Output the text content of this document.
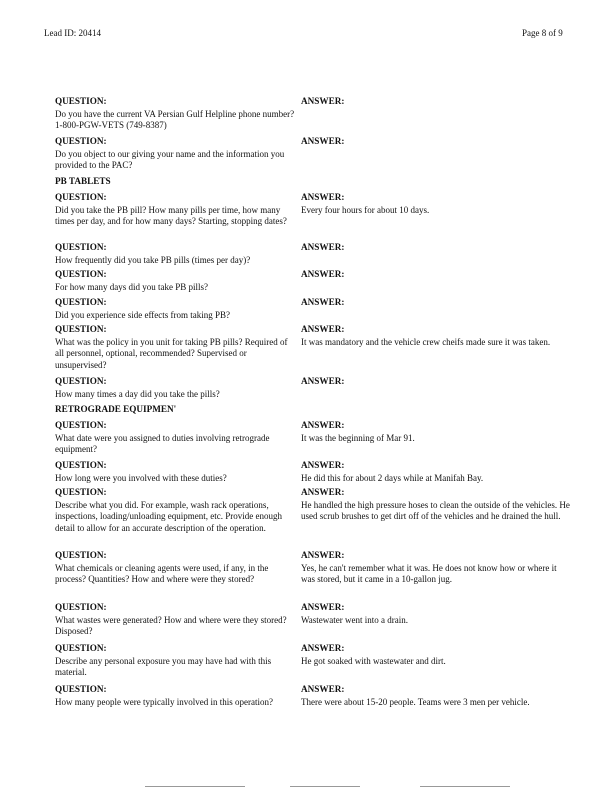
Lead ID: 20414	Page 8 of 9
QUESTION:
Do you have the current VA Persian Gulf Helpline phone number? 1-800-PGW-VETS (749-8387)
ANSWER:
QUESTION:
Do you object to our giving your name and the information you provided to the PAC?
ANSWER:
PB TABLETS
QUESTION:
Did you take the PB pill? How many pills per time, how many times per day, and for how many days? Starting, stopping dates?
ANSWER:
Every four hours for about 10 days.
QUESTION:
How frequently did you take PB pills (times per day)?
ANSWER:
QUESTION:
For how many days did you take PB pills?
ANSWER:
QUESTION:
Did you experience side effects from taking PB?
ANSWER:
QUESTION:
What was the policy in you unit for taking PB pills? Required of all personnel, optional, recommended? Supervised or unsupervised?
ANSWER:
It was mandatory and the vehicle crew cheifs made sure it was taken.
QUESTION:
How many times a day did you take the pills?
ANSWER:
RETROGRADE EQUIPMEN'
QUESTION:
What date were you assigned to duties involving retrograde equipment?
ANSWER:
It was the beginning of Mar 91.
QUESTION:
How long were you involved with these duties?
ANSWER:
He did this for about 2 days while at Manifah Bay.
QUESTION:
Describe what you did. For example, wash rack operations, inspections, loading/unloading equipment, etc. Provide enough detail to allow for an accurate description of the operation.
ANSWER:
He handled the high pressure hoses to clean the outside of the vehicles. He used scrub brushes to get dirt off of the vehicles and he drained the hull.
QUESTION:
What chemicals or cleaning agents were used, if any, in the process? Quantities? How and where were they stored?
ANSWER:
Yes, he can't remember what it was. He does not know how or where it was stored, but it came in a 10-gallon jug.
QUESTION:
What wastes were generated? How and where were they stored? Disposed?
ANSWER:
Wastewater went into a drain.
QUESTION:
Describe any personal exposure you may have had with this material.
ANSWER:
He got soaked with wastewater and dirt.
QUESTION:
How many people were typically involved in this operation?
ANSWER:
There were about 15-20 people. Teams were 3 men per vehicle.
